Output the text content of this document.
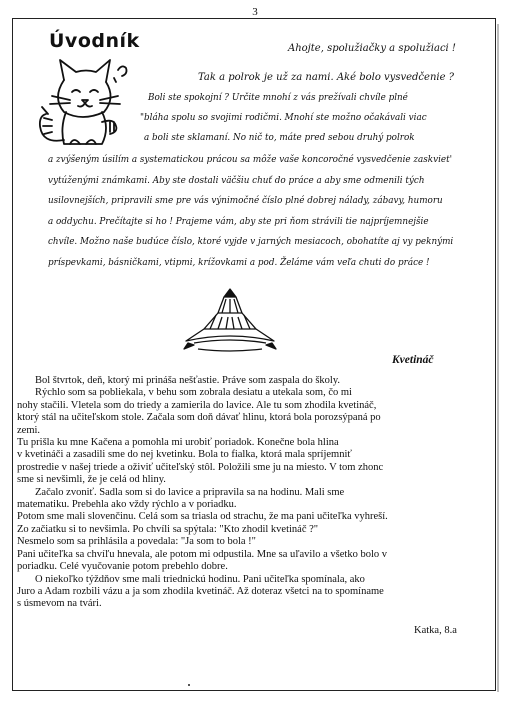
3
Úvodník	Ahojte, spolužiačky a spolužiaci !
Tak a polrok je už za nami. Aké bolo vysvedčenie ?
Boli ste spokojní ? Určite mnohí z vás prežívali chvíle plné
"bláha spolu so svojimi rodičmi. Mnohí ste možno očakávali viac
a boli ste sklamaní. No nič to, máte pred sebou druhý polrok
a zvýšeným úsilím a systematickou prácou sa môže vaše koncoročné vysvedčenie zaskviet'
vytúženými známkami. Aby ste dostali väčšiu chuť do práce a aby sme odmenili tých
usilovnejších, pripravili sme pre vás výnimočné číslo plné dobrej nálady, zábavy, humoru
a oddychu. Prečítajte si ho ! Prajeme vám, aby ste pri ňom strávili tie najpríjemnejšie
chvíle. Možno naše budúce číslo, ktoré vyjde v jarných mesiacoch, obohatíte aj vy peknými
príspevkami, básničkami, vtipmi, krížovkami a pod. Želáme vám veľa chuti do práce !
Kvetináč

Bol štvrtok, deň, ktorý mi prináša nešťastie. Práve som zaspala do školy.

Rýchlo som sa pobliekala, v behu som zobrala desiatu a utekala som, čo mi

nohy stačili. Vletela som do triedy a zamierila do lavice. Ale tu som zhodila kvetináč,

ktorý stál na učiteľskom stole. Začala som doň dávať hlinu, ktorá bola porozsýpaná po

zemi.

Tu prišla ku mne Kačena a pomohla mi urobiť poriadok. Konečne bola hlina

v kvetináči a zasadili sme do nej kvetinku. Bola to fialka, ktorá mala spríjemniť

prostredie v našej triede a oživiť učiteľský stôl. Položili sme ju na miesto. V tom zhonc

sme si nevšimli, že je celá od hliny.

Začalo zvoniť. Sadla som si do lavice a pripravila sa na hodinu. Mali sme

matematiku. Prebehla ako vždy rýchlo a v poriadku.

Potom sme mali slovenčinu. Celá som sa triasla od strachu, že ma pani učiteľka vyhreší.

Zo začiatku si to nevšimla. Po chvíli sa spýtala: "Kto zhodil kvetináč ?"

Nesmelo som sa prihlásila a povedala: "Ja som to bola !"

Pani učiteľka sa chvíľu hnevala, ale potom mi odpustila. Mne sa uľavilo a všetko bolo v

poriadku. Celé vyučovanie potom prebehlo dobre.

O niekoľko týždňov sme mali triednickú hodinu. Pani učiteľka spomínala, ako

Juro a Adam rozbili vázu a ja som zhodila kvetináč. Až doteraz všetci na to spomíname

s úsmevom na tvári.

Katka, 8.a
